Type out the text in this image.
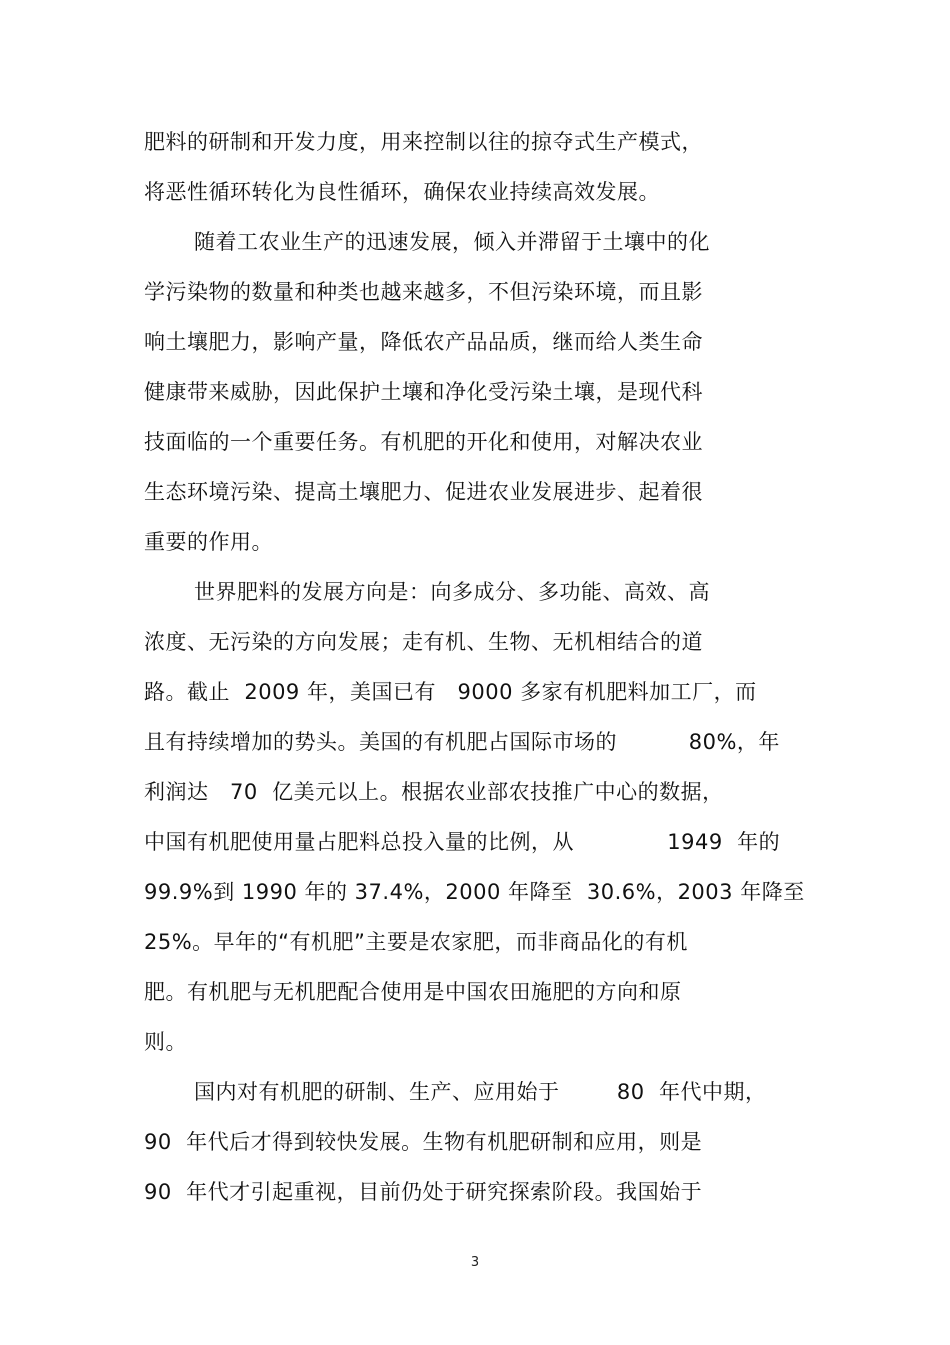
肥料的研制和开发力度，用来控制以往的掠夺式生产模式，
将恶性循环转化为良性循环，确保农业持续高效发展。
随着工农业生产的迅速发展，倾入并滞留于土壤中的化
学污染物的数量和种类也越来越多，不但污染环境，而且影
响土壤肥力，影响产量，降低农产品品质，继而给人类生命
健康带来威胁，因此保护土壤和净化受污染土壤，是现代科
技面临的一个重要任务。有机肥的开化和使用，对解决农业
生态环境污染、提高土壤肥力、促进农业发展进步、起着很
重要的作用。
世界肥料的发展方向是：向多成分、多功能、高效、高
浓度、无污染的方向发展；走有机、生物、无机相结合的道
路。截止  2009 年，美国已有   9000 多家有机肥料加工厂，而
且有持续增加的势头。美国的有机肥占国际市场的          80%，年
利润达   70  亿美元以上。根据农业部农技推广中心的数据，
中国有机肥使用量占肥料总投入量的比例，从             1949  年的
99.9%到 1990 年的 37.4%，2000 年降至  30.6%，2003 年降至
25%。早年的“有机肥”主要是农家肥，而非商品化的有机
肥。有机肥与无机肥配合使用是中国农田施肥的方向和原
则。
国内对有机肥的研制、生产、应用始于        80  年代中期，
90  年代后才得到较快发展。生物有机肥研制和应用，则是
90  年代才引起重视，目前仍处于研究探索阶段。我国始于
3
